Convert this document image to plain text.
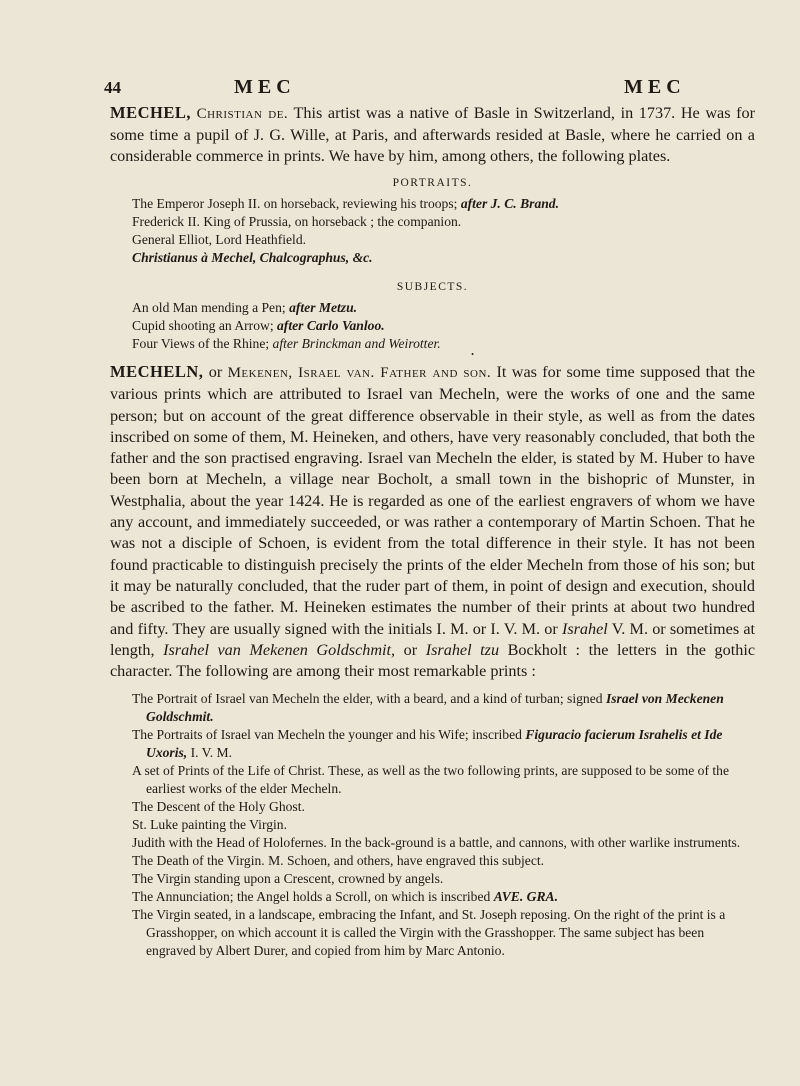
44	MEC	MEC

MECHEL, Christian de. This artist was a native of Basle in Switzerland, in 1737. He was for some time a pupil of J. G. Wille, at Paris, and afterwards resided at Basle, where he carried on a considerable commerce in prints. We have by him, among others, the following plates.

PORTRAITS.
The Emperor Joseph II. on horseback, reviewing his troops; after J. C. Brand.
Frederick II. King of Prussia, on horseback ; the companion.
General Elliot, Lord Heathfield.
Christianus à Mechel, Chalcographus, &c.
SUBJECTS.
An old Man mending a Pen; after Metzu.
Cupid shooting an Arrow; after Carlo Vanloo.
Four Views of the Rhine; after Brinckman and Weirotter.
•

MECHELN, or Mekenen, Israel van. Father and son. It was for some time supposed that the various prints which are attributed to Israel van Mecheln, were the works of one and the same person; but on account of the great difference observable in their style, as well as from the dates inscribed on some of them, M. Heineken, and others, have very reasonably concluded, that both the father and the son practised engraving. Israel van Mecheln the elder, is stated by M. Huber to have been born at Mecheln, a village near Bocholt, a small town in the bishopric of Munster, in Westphalia, about the year 1424. He is regarded as one of the earliest engravers of whom we have any account, and immediately succeeded, or was rather a contemporary of Martin Schoen. That he was not a disciple of Schoen, is evident from the total difference in their style. It has not been found practicable to distinguish precisely the prints of the elder Mecheln from those of his son; but it may be naturally concluded, that the ruder part of them, in point of design and execution, should be ascribed to the father. M. Heineken estimates the number of their prints at about two hundred and fifty. They are usually signed with the initials I. M. or I. V. M. or Israhel V. M. or sometimes at length, Israhel van Mekenen Goldschmit, or Israhel tzu Bockholt : the letters in the gothic character. The following are among their most remarkable prints :

The Portrait of Israel van Mecheln the elder, with a beard, and a kind of turban; signed Israel von Meckenen Goldschmit.
The Portraits of Israel van Mecheln the younger and his Wife; inscribed Figuracio facierum Israhelis et Ide Uxoris, I. V. M.
A set of Prints of the Life of Christ. These, as well as the two following prints, are supposed to be some of the earliest works of the elder Mecheln.
The Descent of the Holy Ghost.
St. Luke painting the Virgin.
Judith with the Head of Holofernes. In the back-ground is a battle, and cannons, with other warlike instruments.
The Death of the Virgin. M. Schoen, and others, have engraved this subject.
The Virgin standing upon a Crescent, crowned by angels.
The Annunciation; the Angel holds a Scroll, on which is inscribed AVE. GRA.
The Virgin seated, in a landscape, embracing the Infant, and St. Joseph reposing. On the right of the print is a Grasshopper, on which account it is called the Virgin with the Grasshopper. The same subject has been engraved by Albert Durer, and copied from him by Marc Antonio.
